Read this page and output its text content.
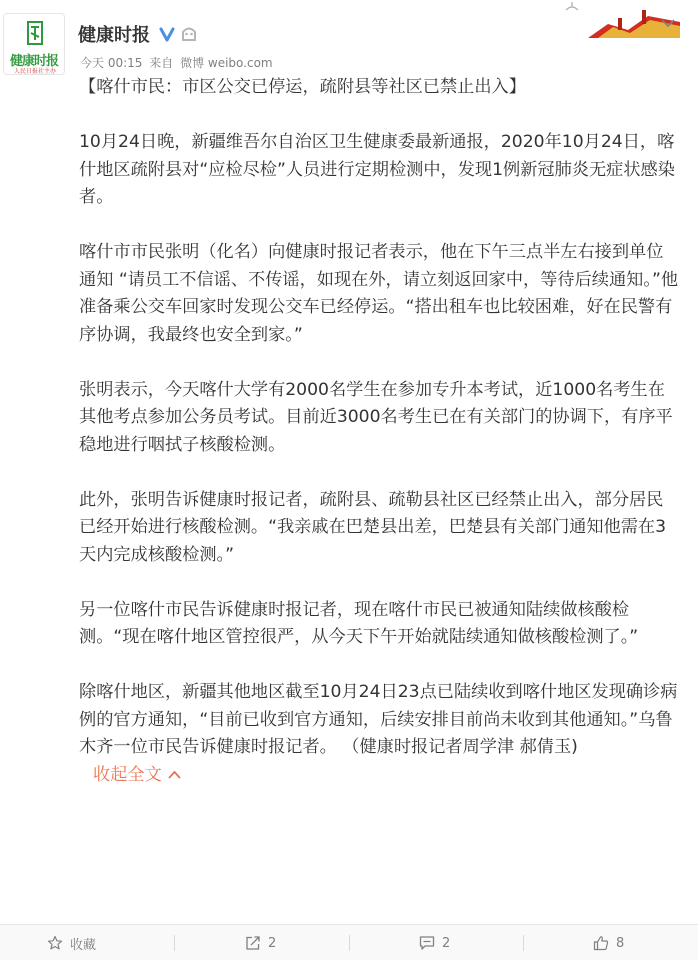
健康时报
人民日报社主办
健康时报
今天 00:15 来自 微博 weibo.com

【喀什市民：市区公交已停运，疏附县等社区已禁止出入】

10月24日晚，新疆维吾尔自治区卫生健康委最新通报，2020年10月24日，喀什地区疏附县对“应检尽检”人员进行定期检测中，发现1例新冠肺炎无症状感染者。

喀什市市民张明（化名）向健康时报记者表示，他在下午三点半左右接到单位通知 “请员工不信谣、不传谣，如现在外，请立刻返回家中，等待后续通知。”他准备乘公交车回家时发现公交车已经停运。“搭出租车也比较困难，好在民警有序协调，我最终也安全到家。”

张明表示，今天喀什大学有2000名学生在参加专升本考试，近1000名考生在其他考点参加公务员考试。目前近3000名考生已在有关部门的协调下，有序平稳地进行咽拭子核酸检测。

此外，张明告诉健康时报记者，疏附县、疏勒县社区已经禁止出入，部分居民已经开始进行核酸检测。“我亲戚在巴楚县出差，巴楚县有关部门通知他需在3天内完成核酸检测。”

另一位喀什市民告诉健康时报记者，现在喀什市民已被通知陆续做核酸检测。“现在喀什地区管控很严，从今天下午开始就陆续通知做核酸检测了。”

除喀什地区，新疆其他地区截至10月24日23点已陆续收到喀什地区发现确诊病例的官方通知，“目前已收到官方通知，后续安排目前尚未收到其他通知。”乌鲁木齐一位市民告诉健康时报记者。 （健康时报记者周学津 郝倩玉)收起全文

收藏	2	2	8
